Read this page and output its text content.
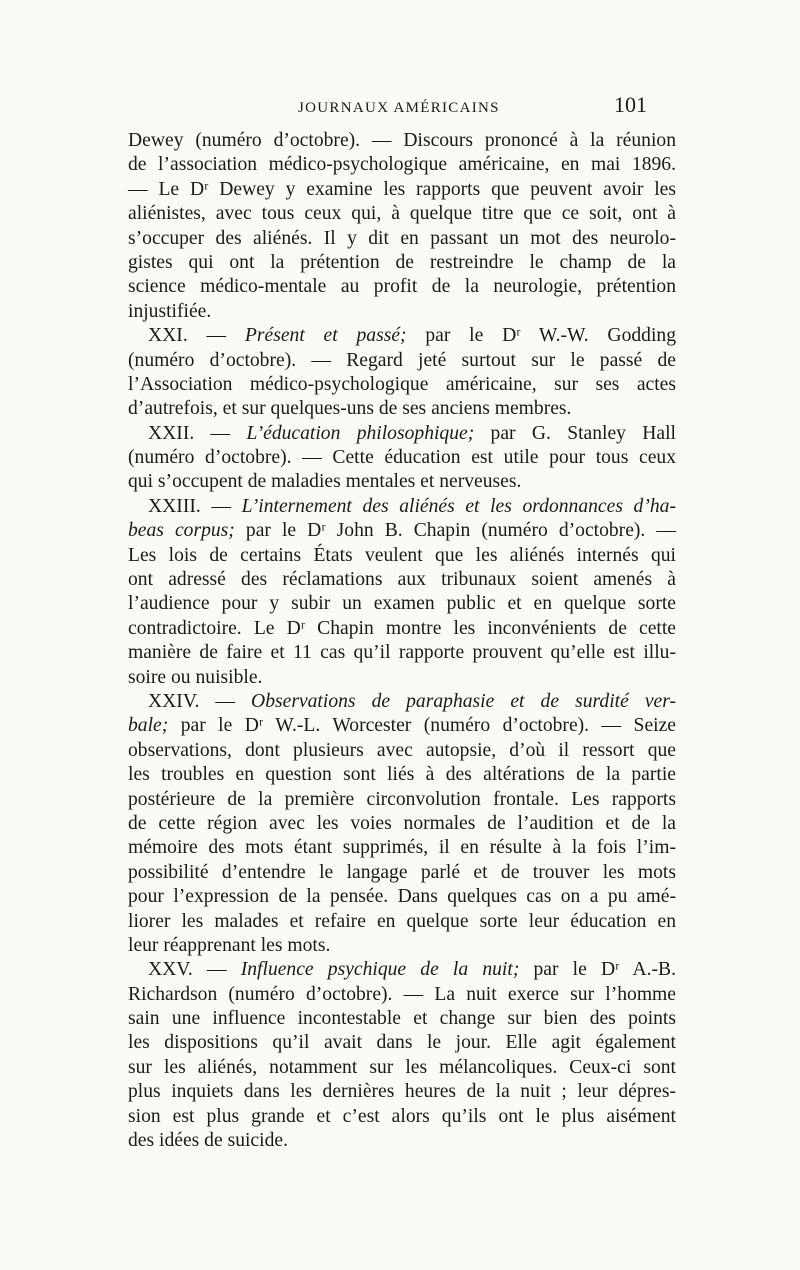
JOURNAUX AMÉRICAINS	101
Dewey (numéro d’octobre). — Discours prononcé à la réunion
de l’association médico-psychologique américaine, en mai 1896.
— Le Dʳ Dewey y examine les rapports que peuvent avoir les
aliénistes, avec tous ceux qui, à quelque titre que ce soit, ont à
s’occuper des aliénés. Il y dit en passant un mot des neurolo-
gistes qui ont la prétention de restreindre le champ de la
science médico-mentale au profit de la neurologie, prétention
injustifiée.
XXI. — Présent et passé; par le Dʳ W.-W. Godding
(numéro d’octobre). — Regard jeté surtout sur le passé de
l’Association médico-psychologique américaine, sur ses actes
d’autrefois, et sur quelques-uns de ses anciens membres.
XXII. — L’éducation philosophique; par G. Stanley Hall
(numéro d’octobre). — Cette éducation est utile pour tous ceux
qui s’occupent de maladies mentales et nerveuses.
XXIII. — L’internement des aliénés et les ordonnances d’ha-
beas corpus; par le Dʳ John B. Chapin (numéro d’octobre). —
Les lois de certains États veulent que les aliénés internés qui
ont adressé des réclamations aux tribunaux soient amenés à
l’audience pour y subir un examen public et en quelque sorte
contradictoire. Le Dʳ Chapin montre les inconvénients de cette
manière de faire et 11 cas qu’il rapporte prouvent qu’elle est illu-
soire ou nuisible.
XXIV. — Observations de paraphasie et de surdité ver-
bale; par le Dʳ W.-L. Worcester (numéro d’octobre). — Seize
observations, dont plusieurs avec autopsie, d’où il ressort que
les troubles en question sont liés à des altérations de la partie
postérieure de la première circonvolution frontale. Les rapports
de cette région avec les voies normales de l’audition et de la
mémoire des mots étant supprimés, il en résulte à la fois l’im-
possibilité d’entendre le langage parlé et de trouver les mots
pour l’expression de la pensée. Dans quelques cas on a pu amé-
liorer les malades et refaire en quelque sorte leur éducation en
leur réapprenant les mots.
XXV. — Influence psychique de la nuit; par le Dʳ A.-B.
Richardson (numéro d’octobre). — La nuit exerce sur l’homme
sain une influence incontestable et change sur bien des points
les dispositions qu’il avait dans le jour. Elle agit également
sur les aliénés, notamment sur les mélancoliques. Ceux-ci sont
plus inquiets dans les dernières heures de la nuit ; leur dépres-
sion est plus grande et c’est alors qu’ils ont le plus aisément
des idées de suicide.
